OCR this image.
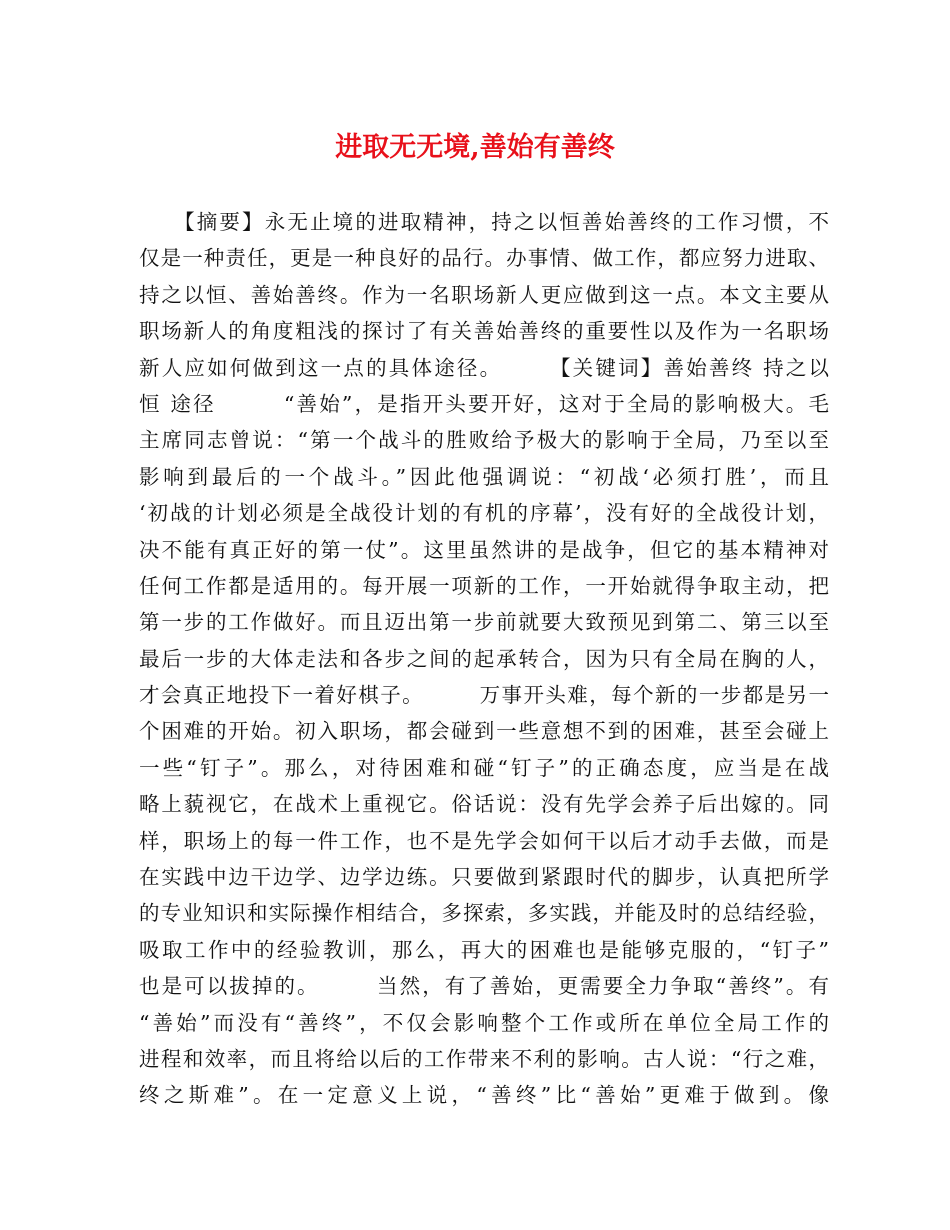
进取无无境,善始有善终
　　【摘要】永无止境的进取精神，持之以恒善始善终的工作习惯，不
仅是一种责任，更是一种良好的品行。办事情、做工作，都应努力进取、
持之以恒、善始善终。作为一名职场新人更应做到这一点。本文主要从
职场新人的角度粗浅的探讨了有关善始善终的重要性以及作为一名职场
新人应如何做到这一点的具体途径。　　　【关键词】善始善终 持之以
恒 途径　　　“善始”，是指开头要开好，这对于全局的影响极大。毛
主席同志曾说：“第一个战斗的胜败给予极大的影响于全局，乃至以至
影响到最后的一个战斗。”因此他强调说：“初战‘必须打胜’，而且
‘初战的计划必须是全战役计划的有机的序幕’，没有好的全战役计划，
决不能有真正好的第一仗”。这里虽然讲的是战争，但它的基本精神对
任何工作都是适用的。每开展一项新的工作，一开始就得争取主动，把
第一步的工作做好。而且迈出第一步前就要大致预见到第二、第三以至
最后一步的大体走法和各步之间的起承转合，因为只有全局在胸的人，
才会真正地投下一着好棋子。　　　万事开头难，每个新的一步都是另一
个困难的开始。初入职场，都会碰到一些意想不到的困难，甚至会碰上
一些“钉子”。那么，对待困难和碰“钉子”的正确态度，应当是在战
略上藐视它，在战术上重视它。俗话说：没有先学会养子后出嫁的。同
样，职场上的每一件工作，也不是先学会如何干以后才动手去做，而是
在实践中边干边学、边学边练。只要做到紧跟时代的脚步，认真把所学
的专业知识和实际操作相结合，多探索，多实践，并能及时的总结经验，
吸取工作中的经验教训，那么，再大的困难也是能够克服的，“钉子”
也是可以拔掉的。　　　当然，有了善始，更需要全力争取“善终”。有
“善始”而没有“善终”，不仅会影响整个工作或所在单位全局工作的
进程和效率，而且将给以后的工作带来不利的影响。古人说：“行之难，
终之斯难”。在一定意义上说，“善终”比“善始”更难于做到。像
